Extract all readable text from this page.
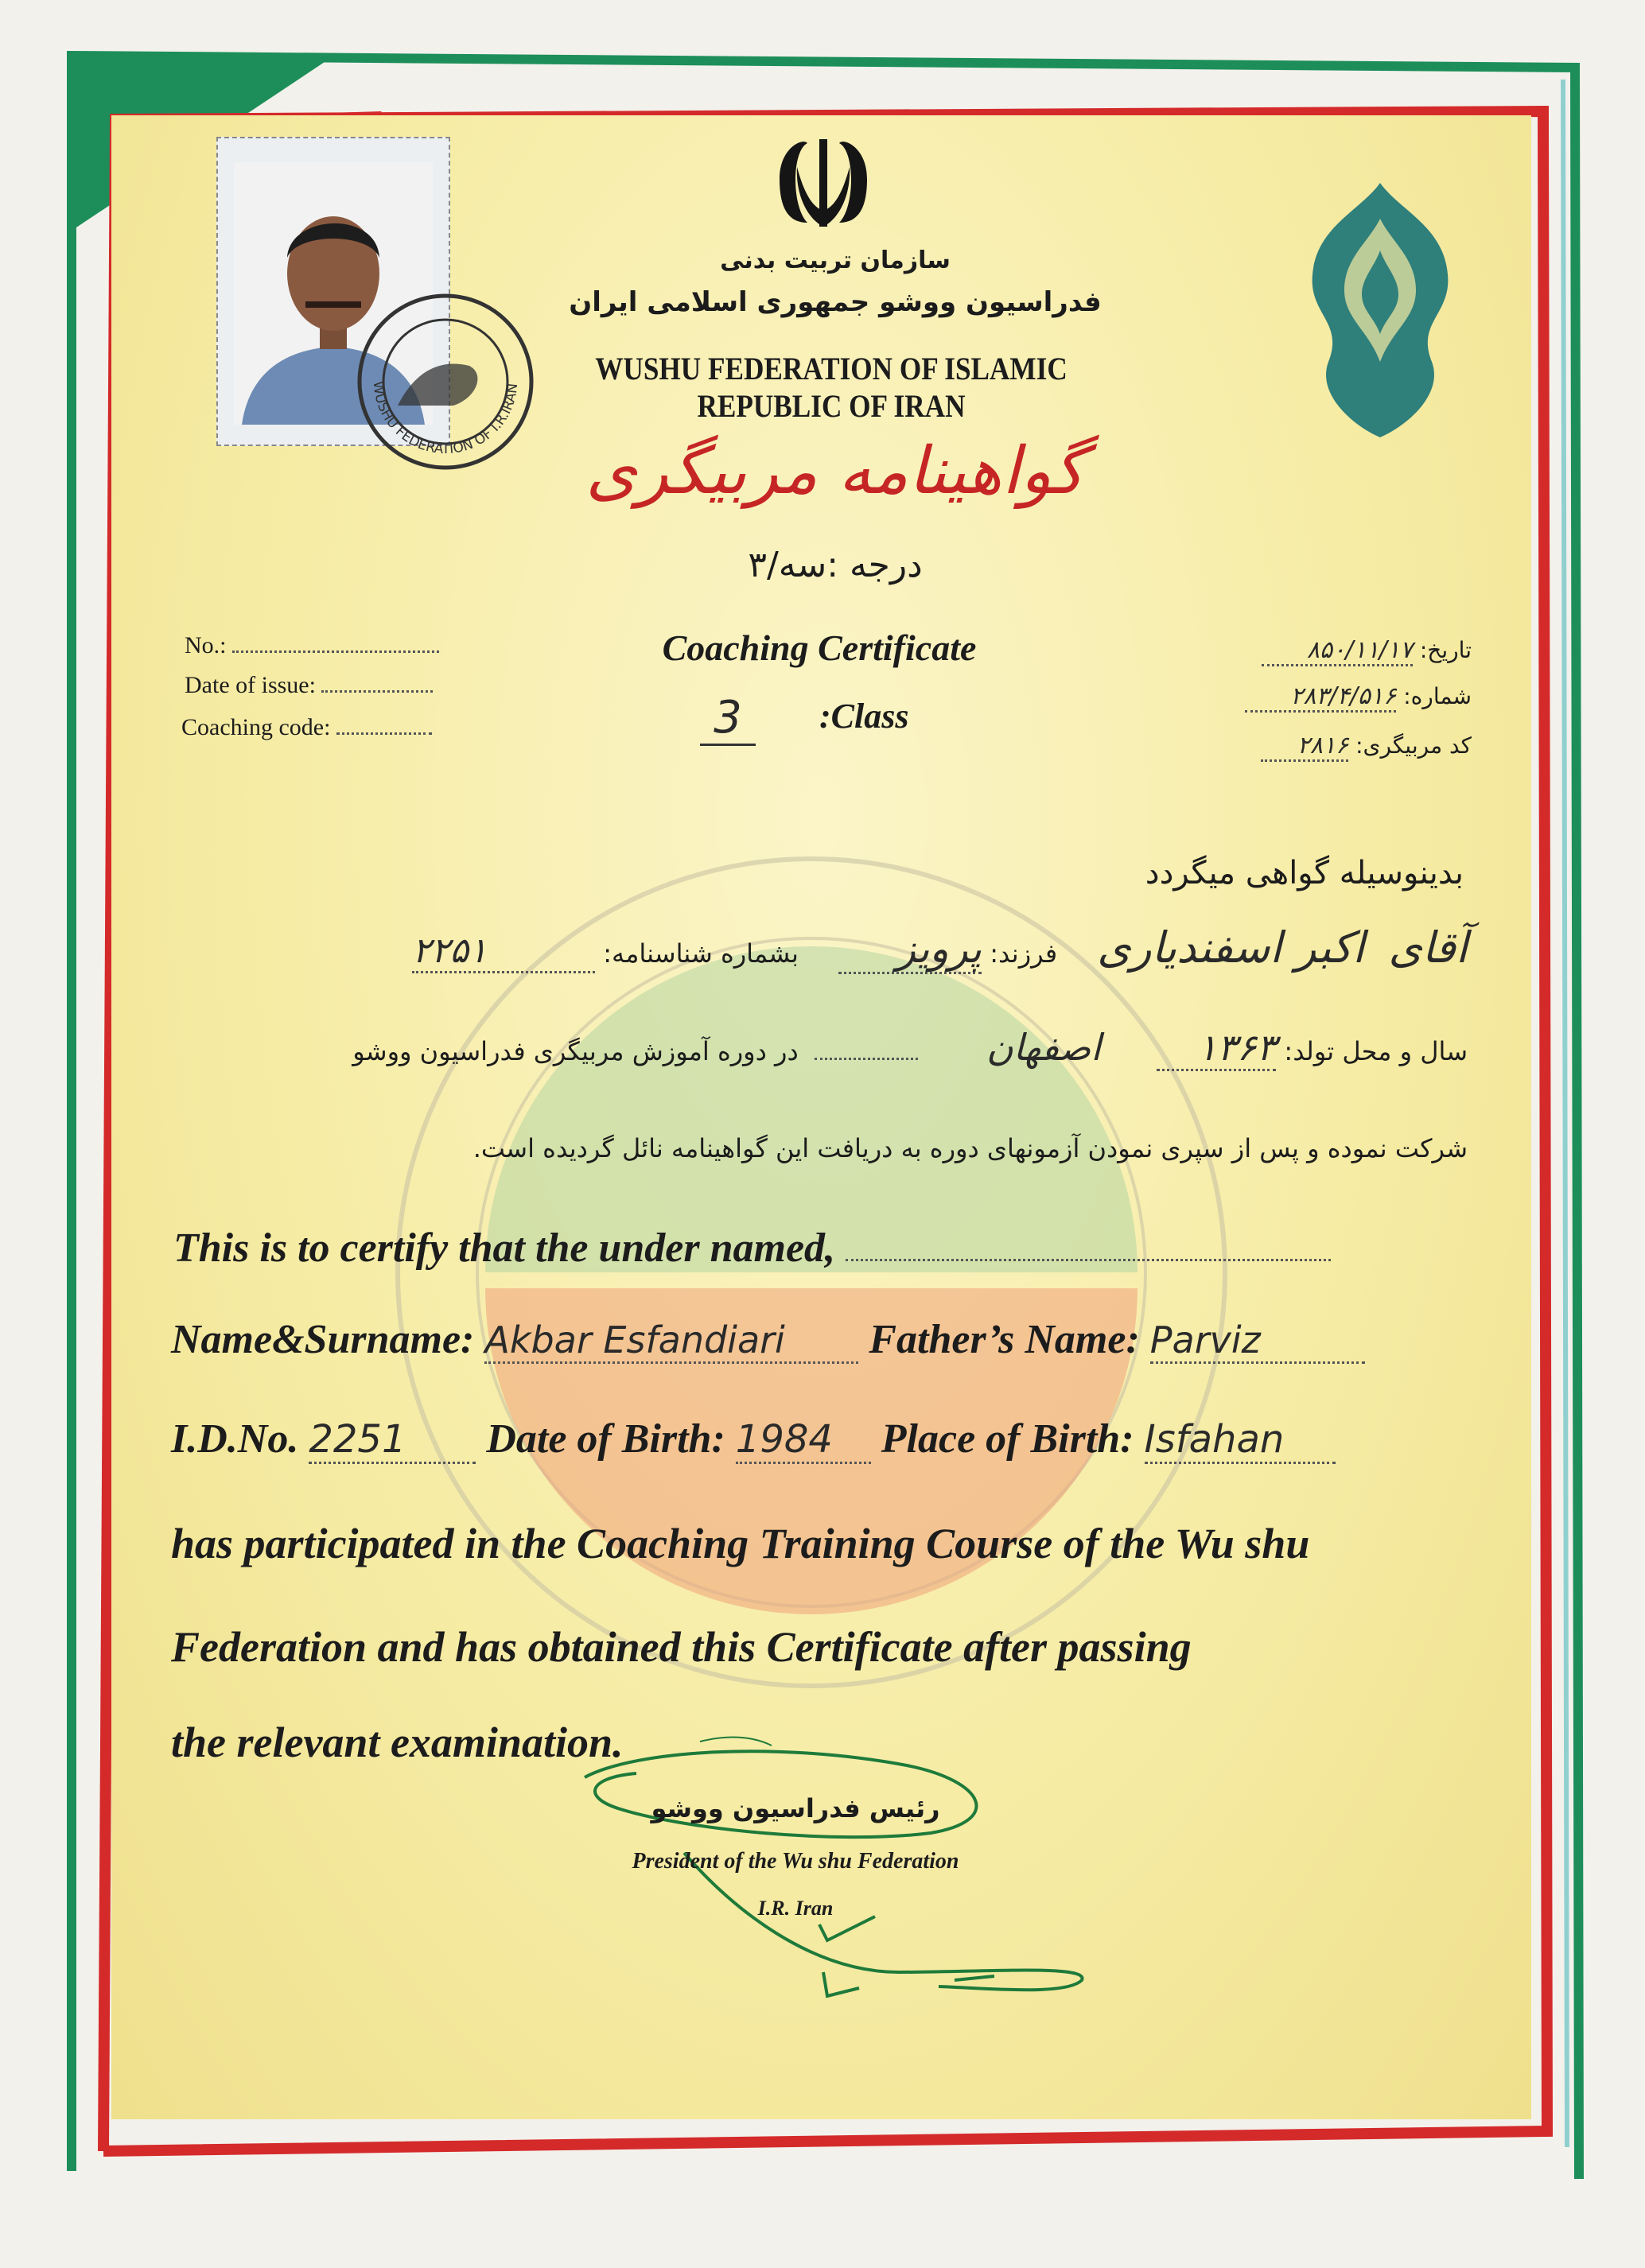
WUSHU FEDERATION OF I.R.IRAN
سازمان تربیت بدنی
فدراسیون ووشو جمهوری اسلامی ایران
WUSHU FEDERATION OF ISLAMIC REPUBLIC OF IRAN
گواهینامه مربیگری
درجه :سه/۳
Coaching Certificate
3	:Class
No.:
Date of issue:
Coaching code:
تاریخ: ۸۵۰/۱۱/۱۷
شماره: ۲۸۳/۴/۵۱۶
کد مربیگری: ۲۸۱۶
بدینوسیله گواهی میگردد
آقای اکبر اسفندیاری فرزند: پرویز بشماره شناسنامه: ۲۲۵۱
سال و محل تولد: ۱۳۶۳ اصفهان  در دوره آموزش مربیگری فدراسیون ووشو
شرکت نموده و پس از سپری نمودن آزمونهای دوره به دریافت این گواهینامه نائل گردیده است.
This is to certify that the under named,
Name&Surname: Akbar Esfandiari Father’s Name: Parviz
I.D.No. 2251 Date of Birth: 1984 Place of Birth: Isfahan
has participated in the Coaching Training Course of the Wu shu
Federation and has obtained this Certificate after passing
the relevant examination.
رئیس فدراسیون ووشو
President of the Wu shu Federation
I.R. Iran
